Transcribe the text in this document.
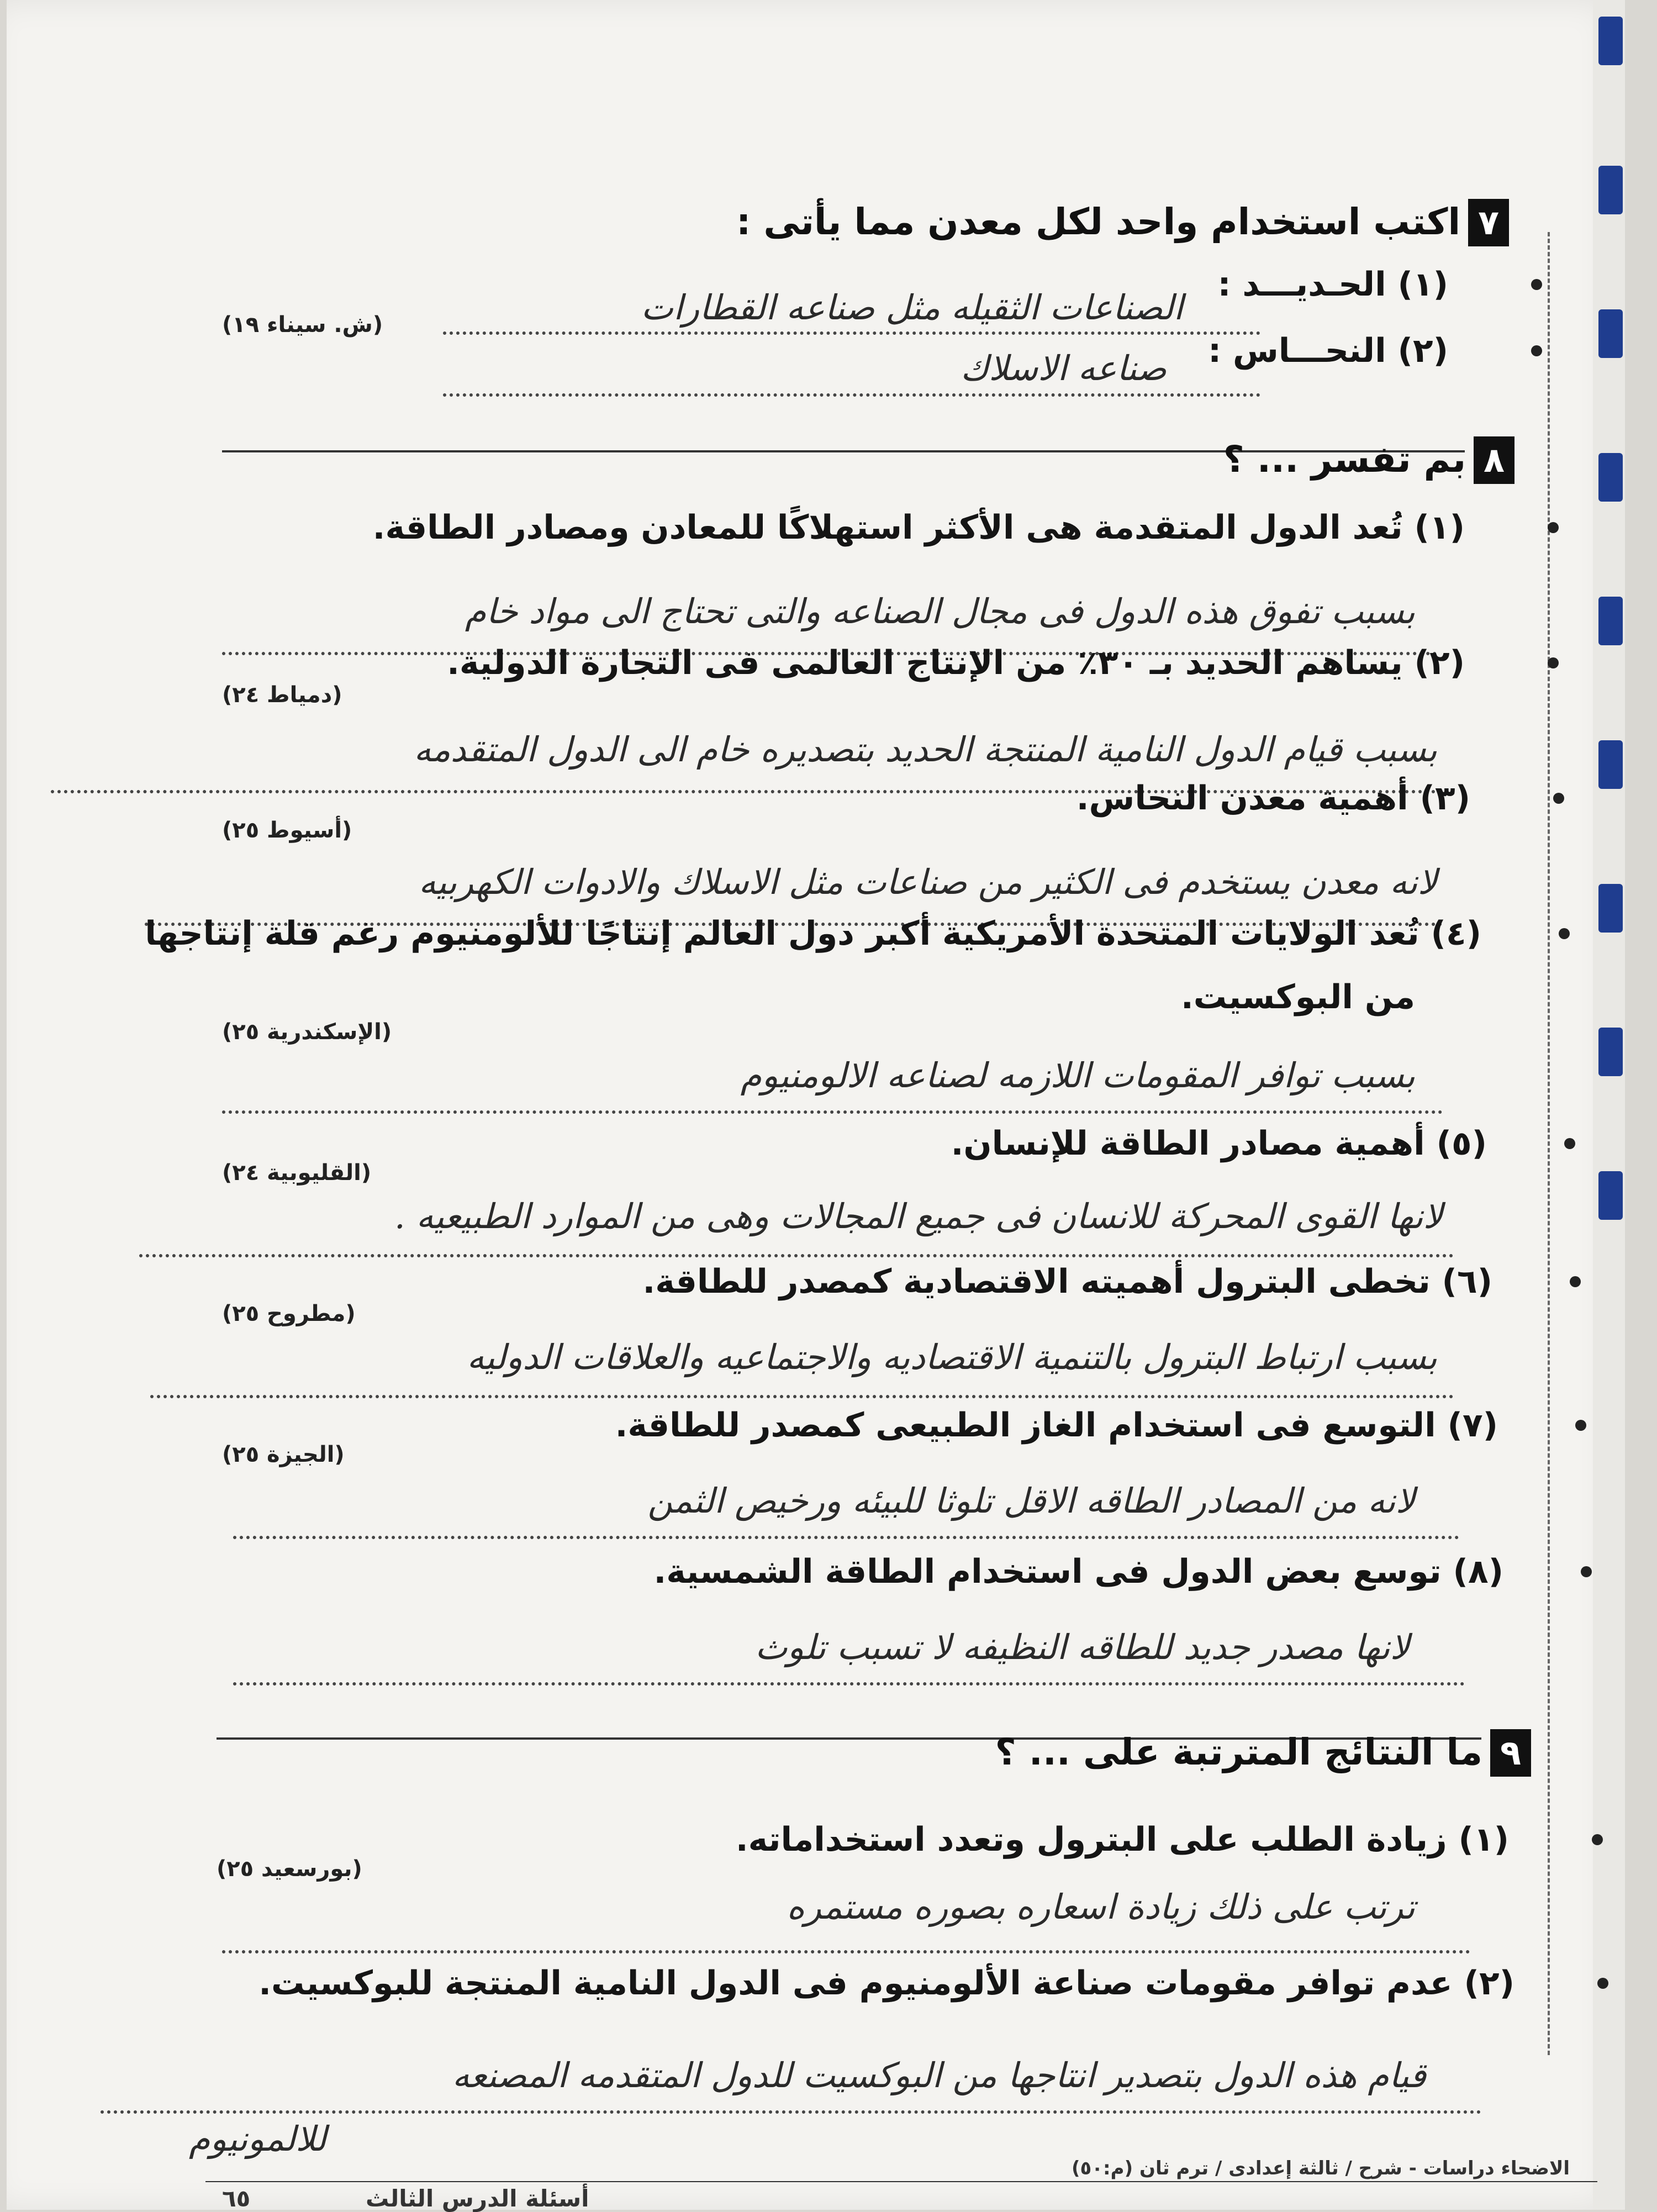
٧اكتب استخدام واحد لكل معدن مما يأتى :
(١) الحـديـــد :
الصناعات الثقيله مثل صناعه القطارات
(ش. سيناء ١٩)
(٢) النحـــاس :
صناعه الاسلاك
٨بم تفسر ... ؟
(١) تُعد الدول المتقدمة هى الأكثر استهلاكًا للمعادن ومصادر الطاقة.
بسبب تفوق هذه الدول فى مجال الصناعه والتى تحتاج الى مواد خام
(٢) يساهم الحديد بـ ٣٠٪ من الإنتاج العالمى فى التجارة الدولية.
(دمياط ٢٤)
بسبب قيام الدول النامية المنتجة الحديد بتصديره خام الى الدول المتقدمه
(٣) أهمية معدن النحاس.
(أسيوط ٢٥)
لانه معدن يستخدم فى الكثير من صناعات مثل الاسلاك والادوات الكهربيه
(٤) تُعد الولايات المتحدة الأمريكية أكبر دول العالم إنتاجًا للألومنيوم رغم قلة إنتاجها
من البوكسيت.
(الإسكندرية ٢٥)
بسبب توافر المقومات اللازمه لصناعه الالومنيوم
(٥) أهمية مصادر الطاقة للإنسان.
(القليوبية ٢٤)
لانها القوى المحركة للانسان فى جميع المجالات وهى من الموارد الطبيعيه .
(٦) تخطى البترول أهميته الاقتصادية كمصدر للطاقة.
(مطروح ٢٥)
بسبب ارتباط البترول بالتنمية الاقتصاديه والاجتماعيه والعلاقات الدوليه
(٧) التوسع فى استخدام الغاز الطبيعى كمصدر للطاقة.
(الجيزة ٢٥)
لانه من المصادر الطاقه الاقل تلوثا للبيئه ورخيص الثمن
(٨) توسع بعض الدول فى استخدام الطاقة الشمسية.
لانها مصدر جديد للطاقه النظيفه لا تسبب تلوث
٩ما النتائج المترتبة على ... ؟
(١) زيادة الطلب على البترول وتعدد استخداماته.
(بورسعيد ٢٥)
ترتب على ذلك زيادة اسعاره بصوره مستمره
(٢) عدم توافر مقومات صناعة الألومنيوم فى الدول النامية المنتجة للبوكسيت.
قيام هذه الدول بتصدير انتاجها من البوكسيت للدول المتقدمه المصنعه
للالمونيوم
الاضحاء دراسات - شرح / ثالثة إعدادى / ترم ثان (م:٥٠)
أسئلة الدرس الثالث
٦٥
